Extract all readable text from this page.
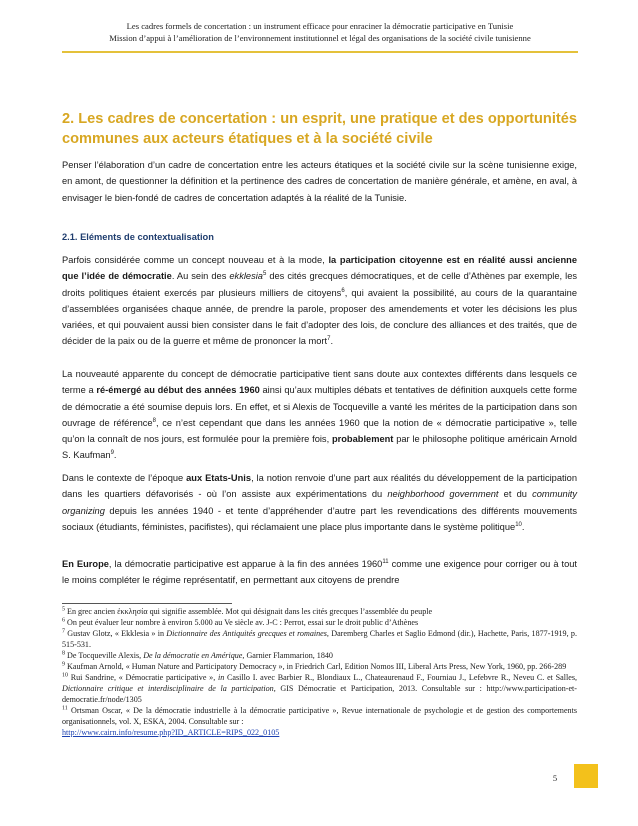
Les cadres formels de concertation : un instrument efficace pour enraciner la démocratie participative en Tunisie
Mission d’appui à l’amélioration de l’environnement institutionnel et légal des organisations de la société civile tunisienne
2. Les cadres de concertation : un esprit, une pratique et des opportunités communes aux acteurs étatiques et à la société civile

Penser l’élaboration d’un cadre de concertation entre les acteurs étatiques et la société civile sur la scène tunisienne exige, en amont, de questionner la définition et la pertinence des cadres de concertation de manière générale, et amène, en aval, à envisager le bien-fondé de cadres de concertation adaptés à la réalité de la Tunisie.

2.1. Eléments de contextualisation

Parfois considérée comme un concept nouveau et à la mode, la participation citoyenne est en réalité aussi ancienne que l’idée de démocratie. Au sein des ekklesia$^5$ des cités grecques démocratiques, et de celle d’Athènes par exemple, les droits politiques étaient exercés par plusieurs milliers de citoyens$^6$, qui avaient la possibilité, au cours de la quarantaine d’assemblées organisées chaque année, de prendre la parole, proposer des amendements et voter les décisions les plus variées, et qui pouvaient aussi bien consister dans le fait d’adopter des lois, de conclure des alliances et des traités, que de décider de la paix ou de la guerre et même de prononcer la mort$^7$.

La nouveauté apparente du concept de démocratie participative tient sans doute aux contextes différents dans lesquels ce terme a ré-émergé au début des années 1960 ainsi qu’aux multiples débats et tentatives de définition auxquels cette forme de démocratie a été soumise depuis lors. En effet, et si Alexis de Tocqueville a vanté les mérites de la participation dans son ouvrage de référence$^8$, ce n’est cependant que dans les années 1960 que la notion de « démocratie participative », telle qu’on la connaît de nos jours, est formulée pour la première fois, probablement par le philosophe politique américain Arnold S. Kaufman$^9$.

Dans le contexte de l’époque aux Etats-Unis, la notion renvoie d’une part aux réalités du développement de la participation dans les quartiers défavorisés - où l’on assiste aux expérimentations du neighborhood government et du community organizing depuis les années 1940 - et tente d’appréhender d’autre part les revendications des différents mouvements sociaux (étudiants, féministes, pacifistes), qui réclamaient une place plus importante dans le système politique$^{10}$.

En Europe, la démocratie participative est apparue à la fin des années 1960$^{11}$ comme une exigence pour corriger ou à tout le moins compléter le régime représentatif, en permettant aux citoyens de prendre

$^5$ En grec ancien ἐκκλησία qui signifie assemblée. Mot qui désignait dans les cités grecques l’assemblée du peuple

$^6$ On peut évaluer leur nombre à environ 5.000 au Ve siècle av. J-C : Perrot, essai sur le droit public d’Athènes

$^7$ Gustav Glotz, « Ekklesia » in Dictionnaire des Antiquités grecques et romaines, Daremberg Charles et Saglio Edmond (dir.), Hachette, Paris, 1877-1919, p. 515-531.

$^8$ De Tocqueville Alexis, De la démocratie en Amérique, Garnier Flammarion, 1840

$^9$ Kaufman Arnold, « Human Nature and Participatory Democracy », in Friedrich Carl, Edition Nomos III, Liberal Arts Press, New York, 1960, pp. 266-289

$^{10}$ Rui Sandrine, « Démocratie participative », in Casillo I. avec Barbier R., Blondiaux L., Chateaurenaud F., Fourniau J., Lefebvre R., Neveu C. et Salles, Dictionnaire critique et interdisciplinaire de la participation, GIS Démocratie et Participation, 2013. Consultable sur : http://www.participation-et-democratie.fr/node/1305

$^{11}$ Ortsman Oscar, « De la démocratie industrielle à la démocratie participative », Revue internationale de psychologie et de gestion des comportements organisationnels, vol. X, ESKA, 2004. Consultable sur :
http://www.cairn.info/resume.php?ID_ARTICLE=RIPS_022_0105

5
